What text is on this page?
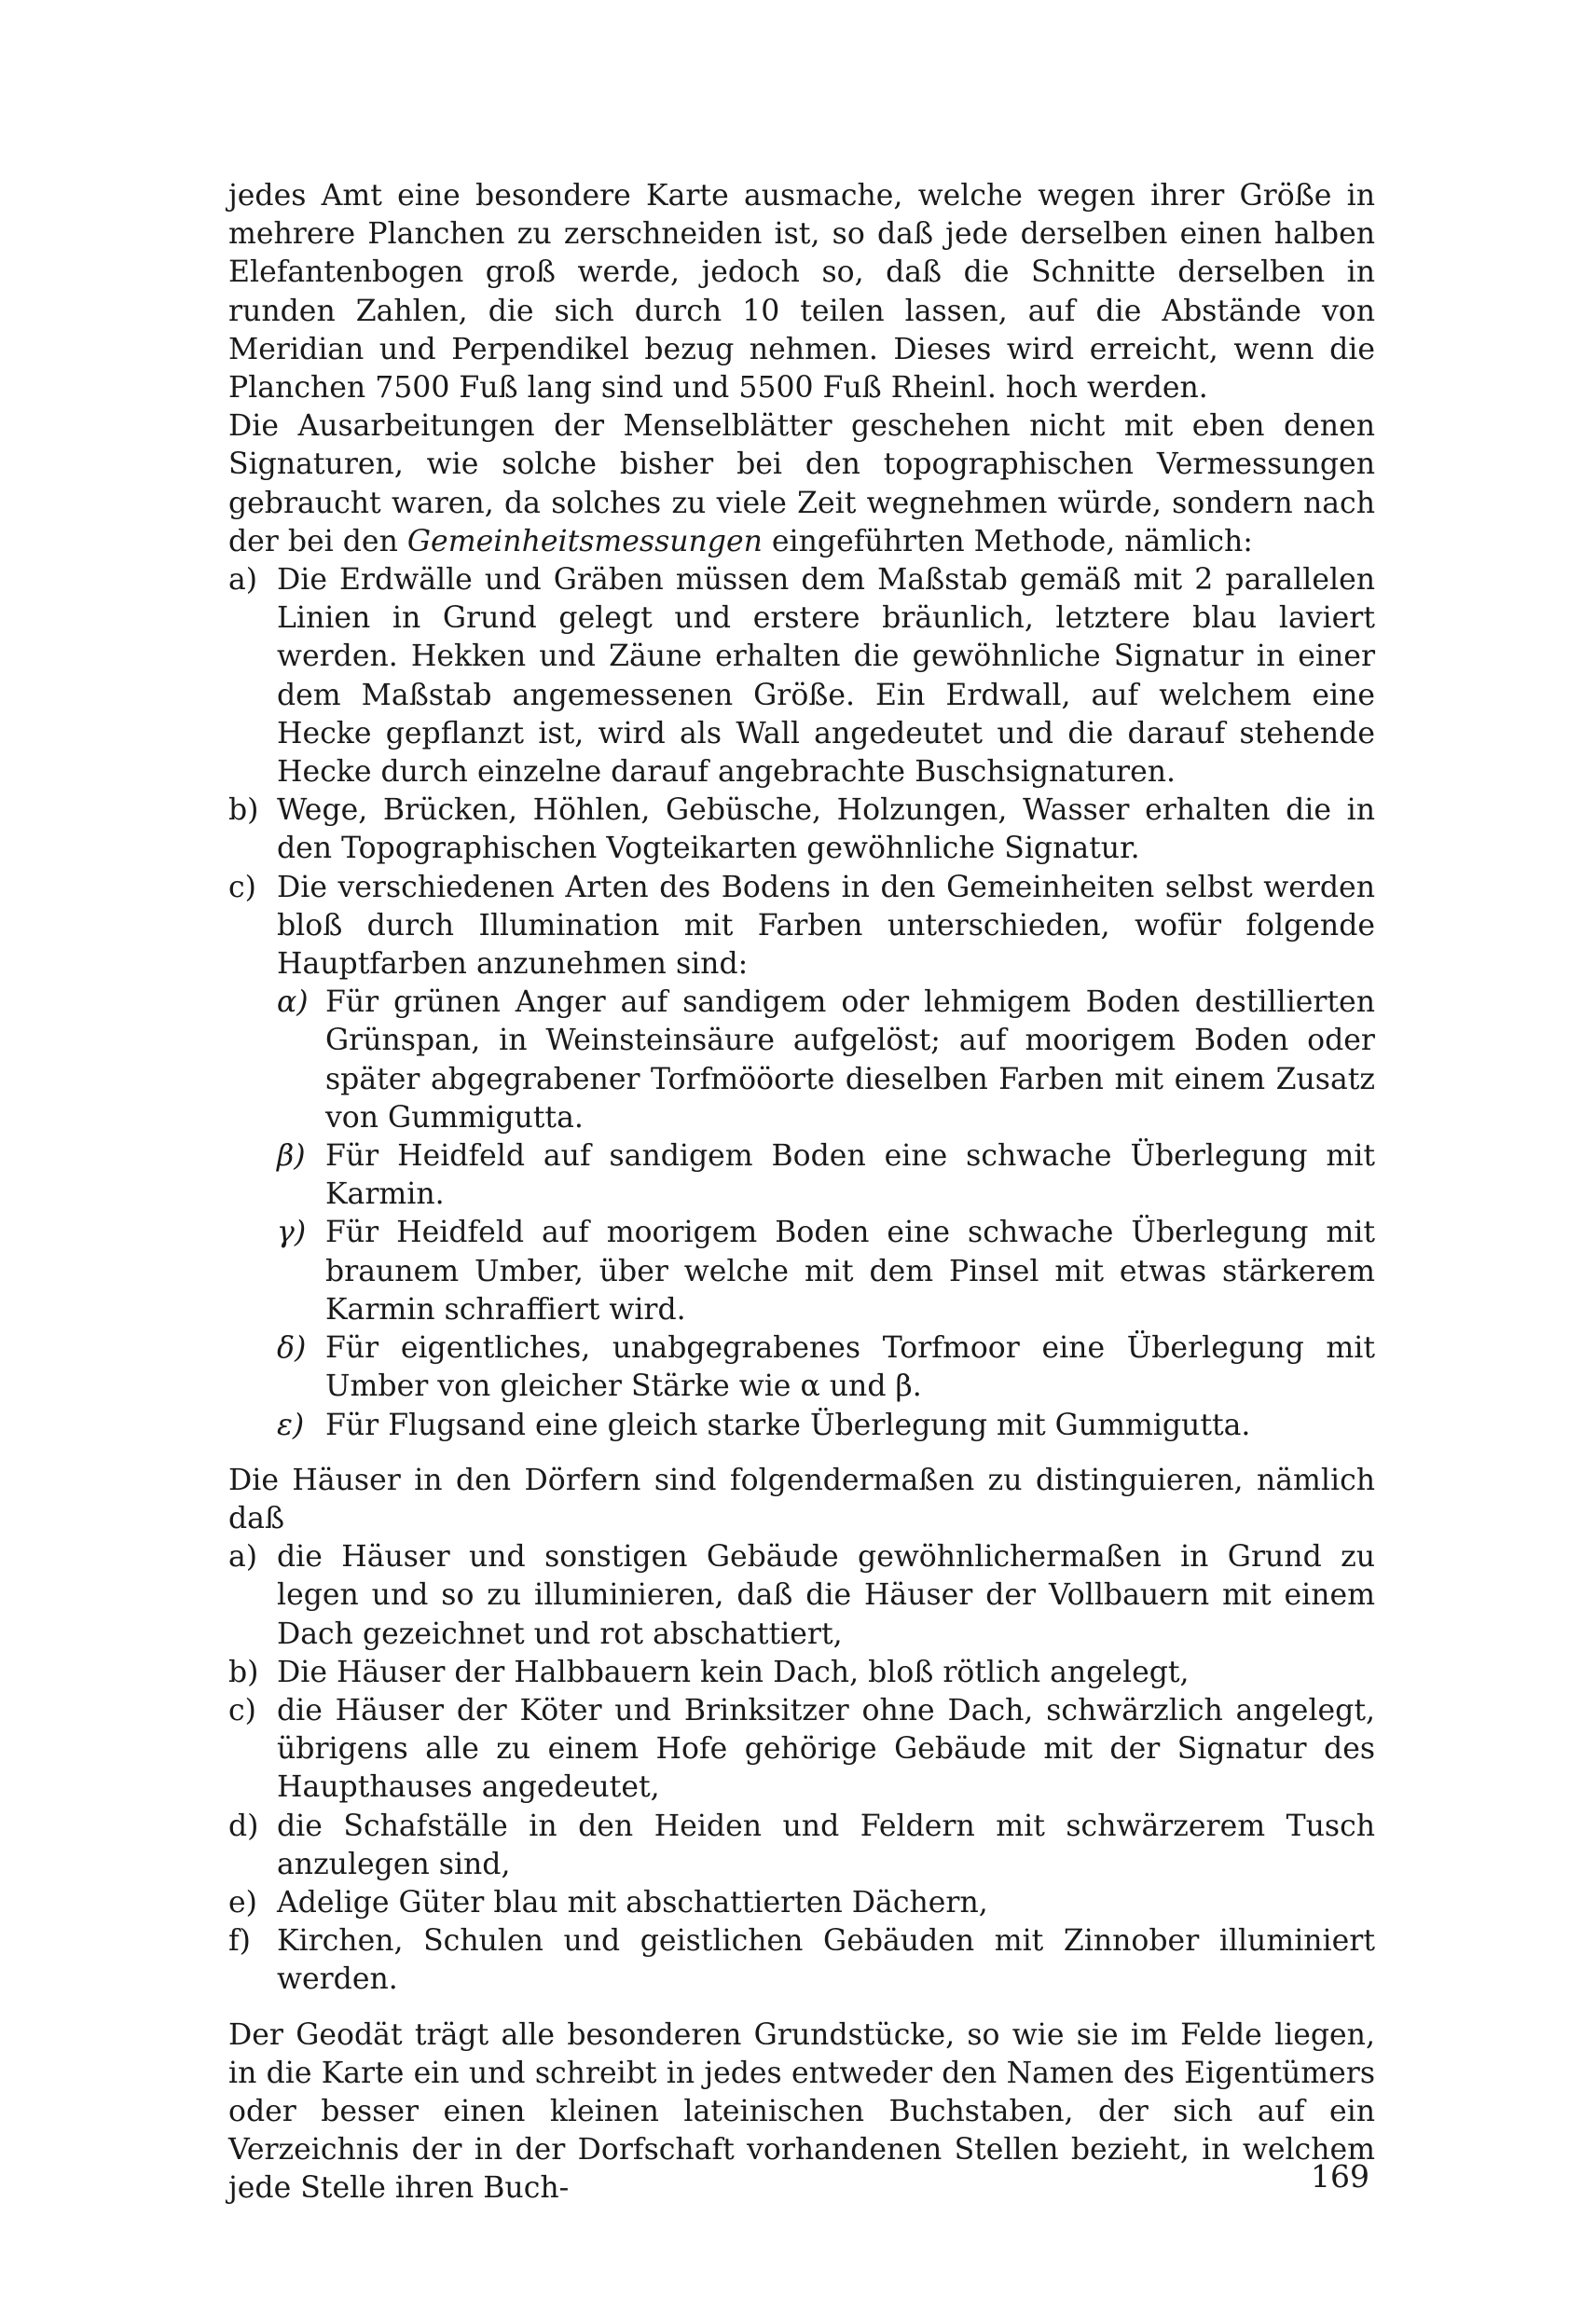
jedes Amt eine besondere Karte ausmache, welche wegen ihrer Größe in mehrere Planchen zu zerschneiden ist, so daß jede derselben einen halben Elefantenbogen groß werde, jedoch so, daß die Schnitte derselben in runden Zahlen, die sich durch 10 teilen lassen, auf die Abstände von Meridian und Perpendikel bezug nehmen. Dieses wird erreicht, wenn die Planchen 7500 Fuß lang sind und 5500 Fuß Rheinl. hoch werden.

Die Ausarbeitungen der Menselblätter geschehen nicht mit eben denen Signaturen, wie solche bisher bei den topographischen Vermessungen gebraucht waren, da solches zu viele Zeit wegnehmen würde, sondern nach der bei den Gemeinheitsmessungen eingeführten Methode, nämlich:

a) Die Erdwälle und Gräben müssen dem Maßstab gemäß mit 2 parallelen Linien in Grund gelegt und erstere bräunlich, letztere blau laviert werden. Hekken und Zäune erhalten die gewöhnliche Signatur in einer dem Maßstab angemessenen Größe. Ein Erdwall, auf welchem eine Hecke gepflanzt ist, wird als Wall angedeutet und die darauf stehende Hecke durch einzelne darauf angebrachte Buschsignaturen.
b) Wege, Brücken, Höhlen, Gebüsche, Holzungen, Wasser erhalten die in den Topographischen Vogteikarten gewöhnliche Signatur.
c) Die verschiedenen Arten des Bodens in den Gemeinheiten selbst werden bloß durch Illumination mit Farben unterschieden, wofür folgende Hauptfarben anzunehmen sind:
α) Für grünen Anger auf sandigem oder lehmigem Boden destillierten Grünspan, in Weinsteinsäure aufgelöst; auf moorigem Boden oder später abgegrabener Torfmööorte dieselben Farben mit einem Zusatz von Gummigutta.
β) Für Heidfeld auf sandigem Boden eine schwache Überlegung mit Karmin.
γ) Für Heidfeld auf moorigem Boden eine schwache Überlegung mit braunem Umber, über welche mit dem Pinsel mit etwas stärkerem Karmin schraffiert wird.
δ) Für eigentliches, unabgegrabenes Torfmoor eine Überlegung mit Umber von gleicher Stärke wie α und β.
ε) Für Flugsand eine gleich starke Überlegung mit Gummigutta.

Die Häuser in den Dörfern sind folgendermaßen zu distinguieren, nämlich daß

a) die Häuser und sonstigen Gebäude gewöhnlichermaßen in Grund zu legen und so zu illuminieren, daß die Häuser der Vollbauern mit einem Dach gezeichnet und rot abschattiert,
b) Die Häuser der Halbbauern kein Dach, bloß rötlich angelegt,
c) die Häuser der Köter und Brinksitzer ohne Dach, schwärzlich angelegt, übrigens alle zu einem Hofe gehörige Gebäude mit der Signatur des Haupthauses angedeutet,
d) die Schafställe in den Heiden und Feldern mit schwärzerem Tusch anzulegen sind,
e) Adelige Güter blau mit abschattierten Dächern,
f) Kirchen, Schulen und geistlichen Gebäuden mit Zinnober illuminiert werden.

Der Geodät trägt alle besonderen Grundstücke, so wie sie im Felde liegen, in die Karte ein und schreibt in jedes entweder den Namen des Eigentümers oder besser einen kleinen lateinischen Buchstaben, der sich auf ein Verzeichnis der in der Dorfschaft vorhandenen Stellen bezieht, in welchem jede Stelle ihren Buch-	169
